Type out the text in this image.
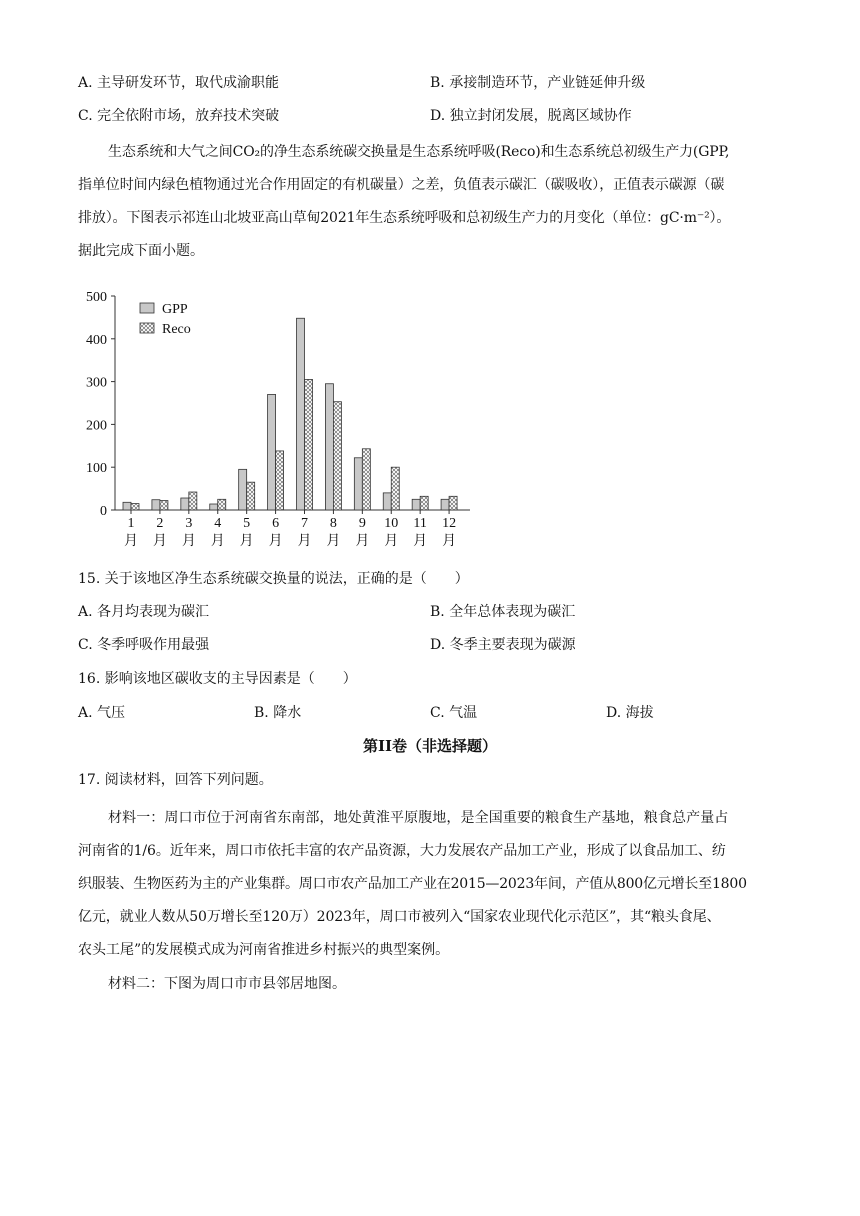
A. 主导研发环节，取代成渝职能	B. 承接制造环节，产业链延伸升级
C. 完全依附市场，放弃技术突破	D. 独立封闭发展，脱离区域协作
生态系统和大气之间CO₂的净生态系统碳交换量是生态系统呼吸(Reco)和生态系统总初级生产力(GPP,
指单位时间内绿色植物通过光合作用固定的有机碳量）之差，负值表示碳汇（碳吸收），正值表示碳源（碳
排放）。下图表示祁连山北坡亚高山草甸2021年生态系统呼吸和总初级生产力的月变化（单位：gC·m⁻²）。
据此完成下面小题。
0
100
200
300
400
500
1
月
2
月
3
月
4
月
5
月
6
月
7
月
8
月
9
月
10
月
11
月
12
月
GPP
Reco
15. 关于该地区净生态系统碳交换量的说法，正确的是（　　）
A. 各月均表现为碳汇	B. 全年总体表现为碳汇
C. 冬季呼吸作用最强	D. 冬季主要表现为碳源
16. 影响该地区碳收支的主导因素是（　　）
A. 气压	B. 降水	C. 气温	D. 海拔
第II卷（非选择题）
17. 阅读材料，回答下列问题。
材料一：周口市位于河南省东南部，地处黄淮平原腹地，是全国重要的粮食生产基地，粮食总产量占
河南省的1/6。近年来，周口市依托丰富的农产品资源，大力发展农产品加工产业，形成了以食品加工、纺
织服装、生物医药为主的产业集群。周口市农产品加工产业在2015—2023年间，产值从800亿元增长至1800
亿元，就业人数从50万增长至120万）2023年，周口市被列入“国家农业现代化示范区”，其“粮头食尾、
农头工尾”的发展模式成为河南省推进乡村振兴的典型案例。
材料二：下图为周口市市县邻居地图。
